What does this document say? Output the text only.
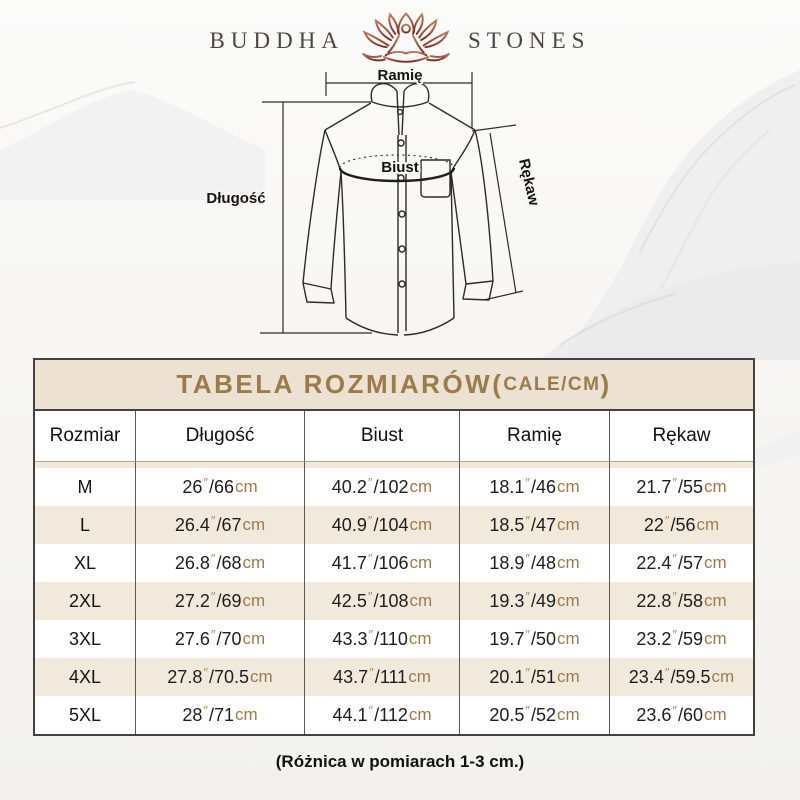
BUDDHA	STONES
Ramię
Długość
Biust	Rękaw
TABELA ROZMIARÓW( CALE/CM )
Rozmiar	Długość	Biust	Ramię	Rękaw
M	26 ″ / 66 cm	40.2 ″ / 102 cm	18.1 ″ / 46 cm	21.7 ″ / 55 cm
L	26.4 ″ / 67 cm	40.9 ″ / 104 cm	18.5 ″ / 47 cm	22 ″ / 56 cm
XL	26.8 ″ / 68 cm	41.7 ″ / 106 cm	18.9 ″ / 48 cm	22.4 ″ / 57 cm
2XL	27.2 ″ / 69 cm	42.5 ″ / 108 cm	19.3 ″ / 49 cm	22.8 ″ / 58 cm
3XL	27.6 ″ / 70 cm	43.3 ″ / 110 cm	19.7 ″ / 50 cm	23.2 ″ / 59 cm
4XL	27.8 ″ / 70.5 cm	43.7 ″ / 111 cm	20.1 ″ / 51 cm	23.4 ″ / 59.5 cm
5XL	28 ″ / 71 cm	44.1 ″ / 112 cm	20.5 ″ / 52 cm	23.6 ″ / 60 cm
(Różnica w pomiarach 1-3 cm.)
